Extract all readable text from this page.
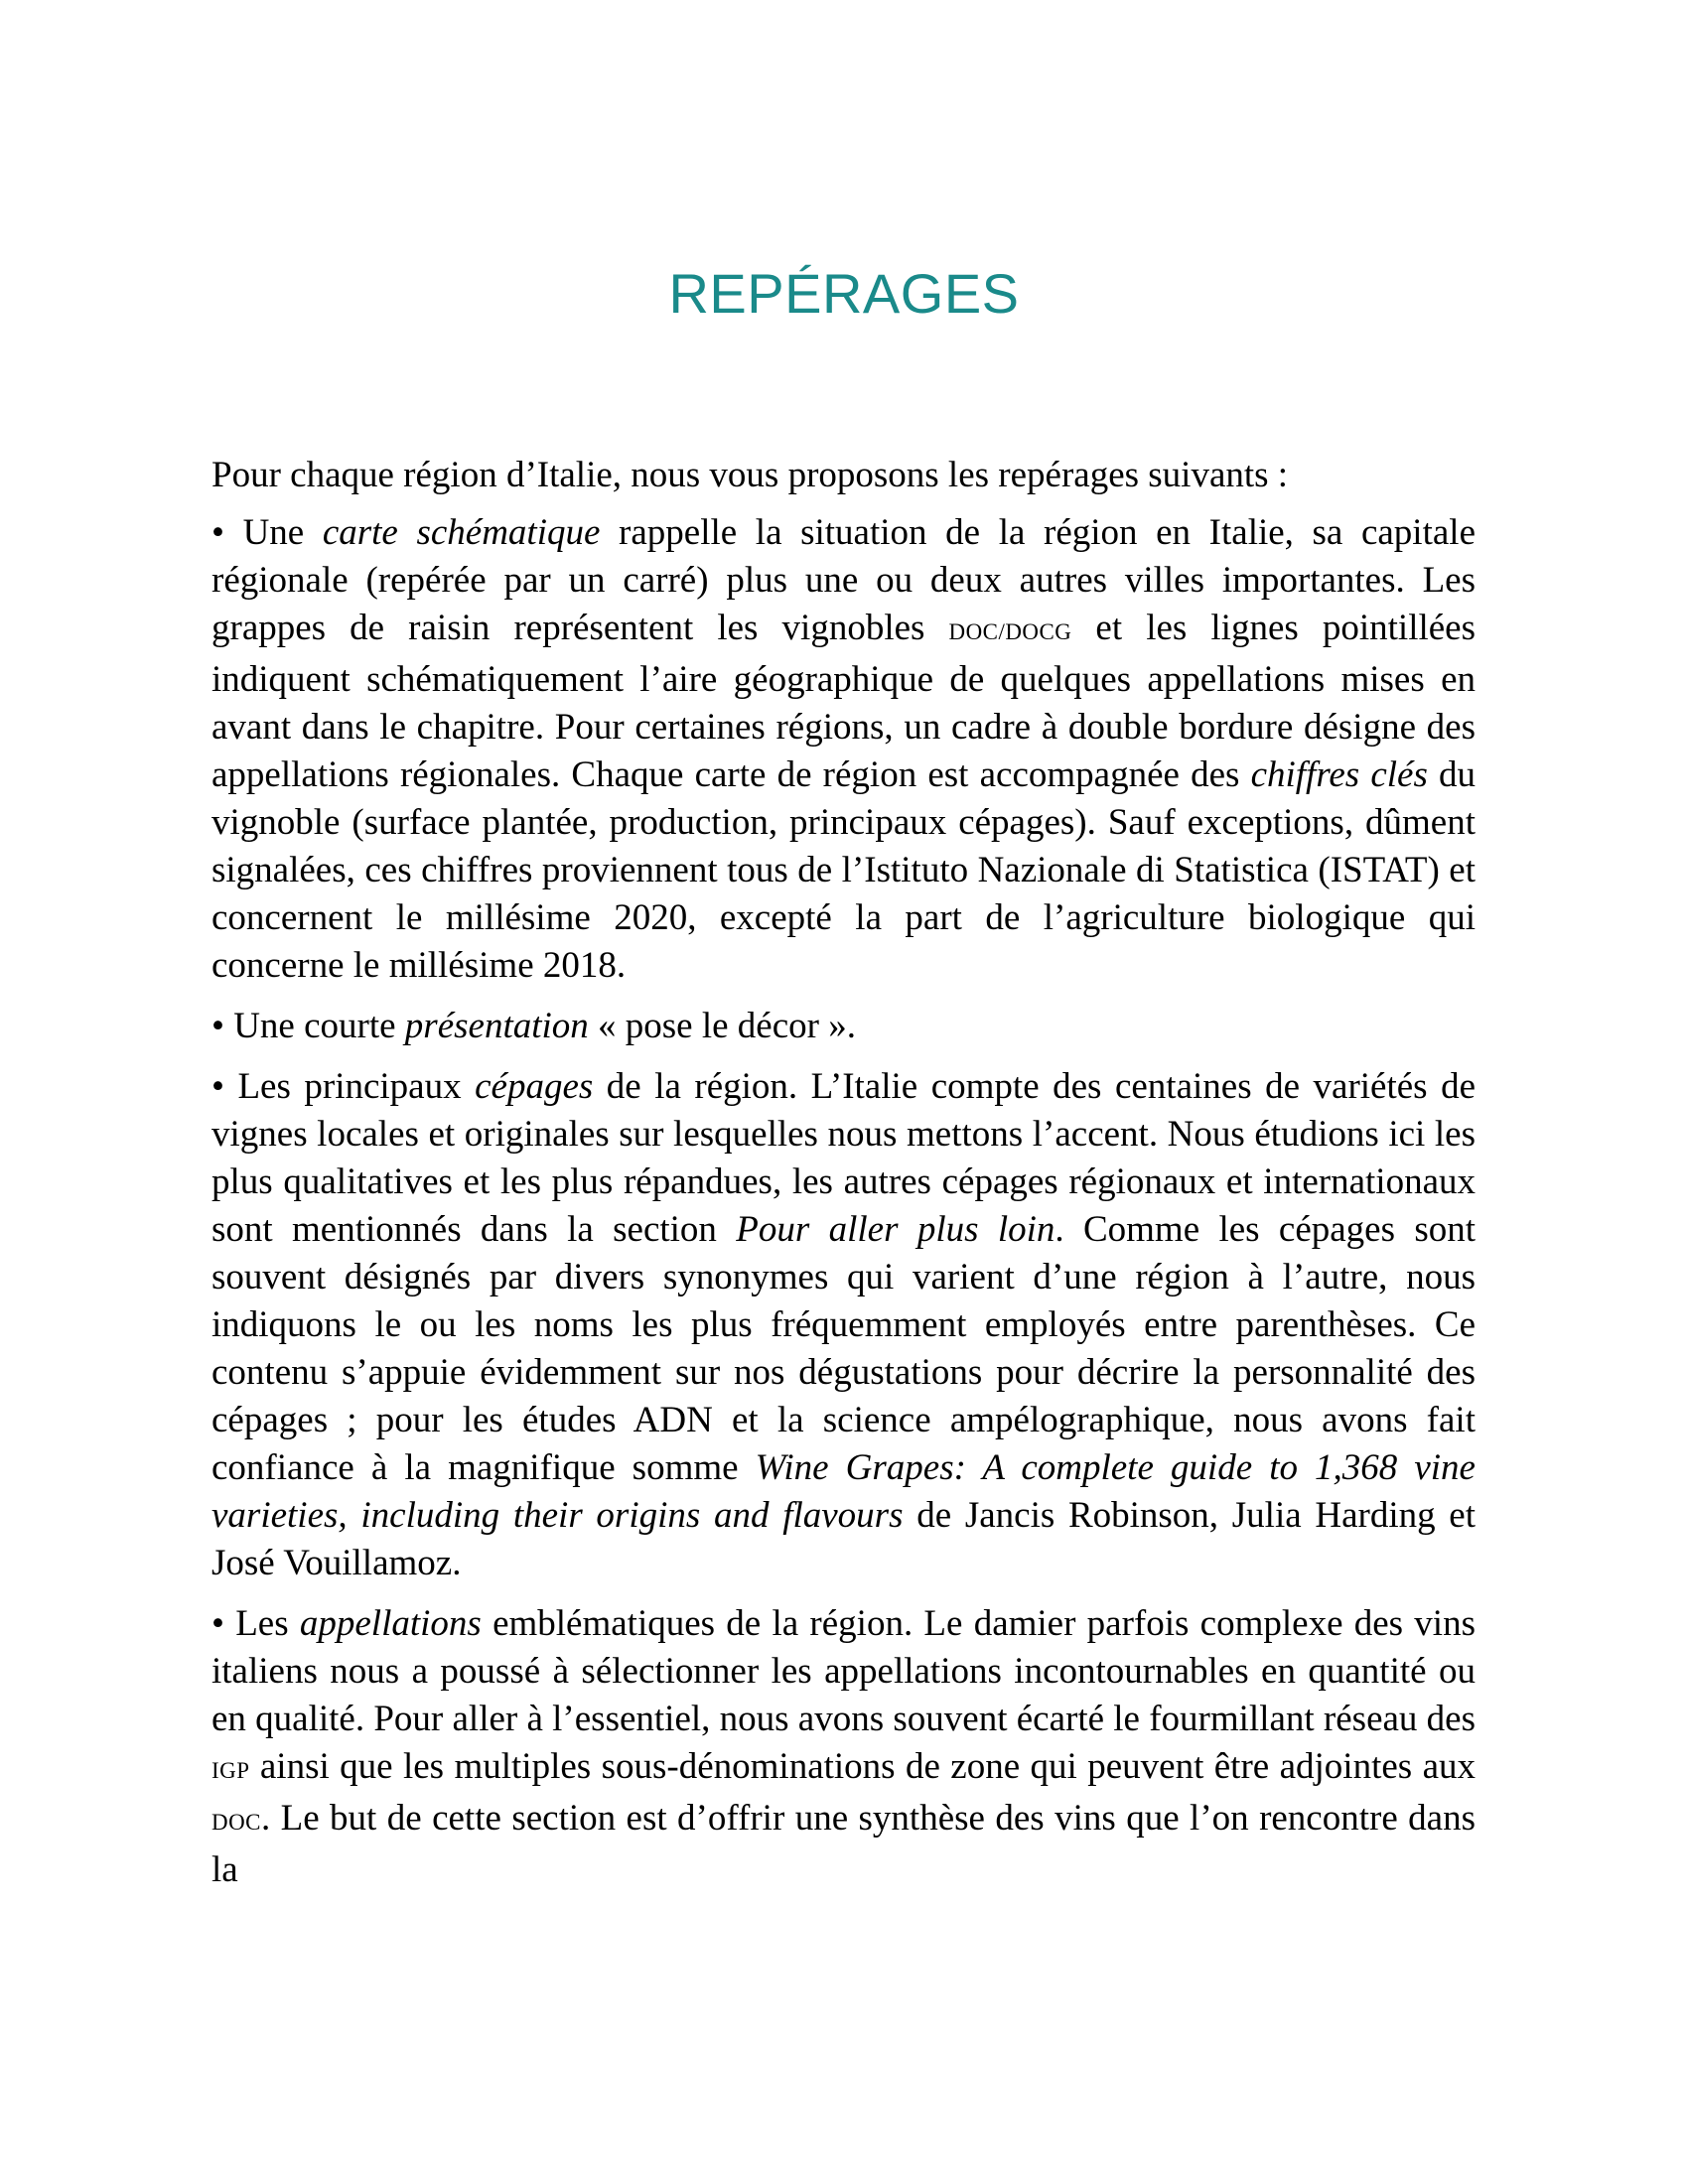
REPÉRAGES

Pour chaque région d’Italie, nous vous proposons les repérages suivants :

• Une carte schématique rappelle la situation de la région en Italie, sa capitale régionale (repérée par un carré) plus une ou deux autres villes importantes. Les grappes de raisin représentent les vignobles DOC/DOCG et les lignes pointillées indiquent schématiquement l’aire géographique de quelques appellations mises en avant dans le chapitre. Pour certaines régions, un cadre à double bordure désigne des appellations régionales. Chaque carte de région est accompagnée des chiffres clés du vignoble (surface plantée, production, principaux cépages). Sauf exceptions, dûment signalées, ces chiffres proviennent tous de l’Istituto Nazionale di Statistica (ISTAT) et concernent le millésime 2020, excepté la part de l’agriculture biologique qui concerne le millésime 2018.

• Une courte présentation « pose le décor ».

• Les principaux cépages de la région. L’Italie compte des centaines de variétés de vignes locales et originales sur lesquelles nous mettons l’accent. Nous étudions ici les plus qualitatives et les plus répandues, les autres cépages régionaux et internationaux sont mentionnés dans la section Pour aller plus loin. Comme les cépages sont souvent désignés par divers synonymes qui varient d’une région à l’autre, nous indiquons le ou les noms les plus fréquemment employés entre parenthèses. Ce contenu s’appuie évidemment sur nos dégustations pour décrire la personnalité des cépages ; pour les études ADN et la science ampélographique, nous avons fait confiance à la magnifique somme Wine Grapes: A complete guide to 1,368 vine varieties, including their origins and flavours de Jancis Robinson, Julia Harding et José Vouillamoz.

• Les appellations emblématiques de la région. Le damier parfois complexe des vins italiens nous a poussé à sélectionner les appellations incontournables en quantité ou en qualité. Pour aller à l’essentiel, nous avons souvent écarté le fourmillant réseau des IGP ainsi que les multiples sous-dénominations de zone qui peuvent être adjointes aux DOC. Le but de cette section est d’offrir une synthèse des vins que l’on rencontre dans la
